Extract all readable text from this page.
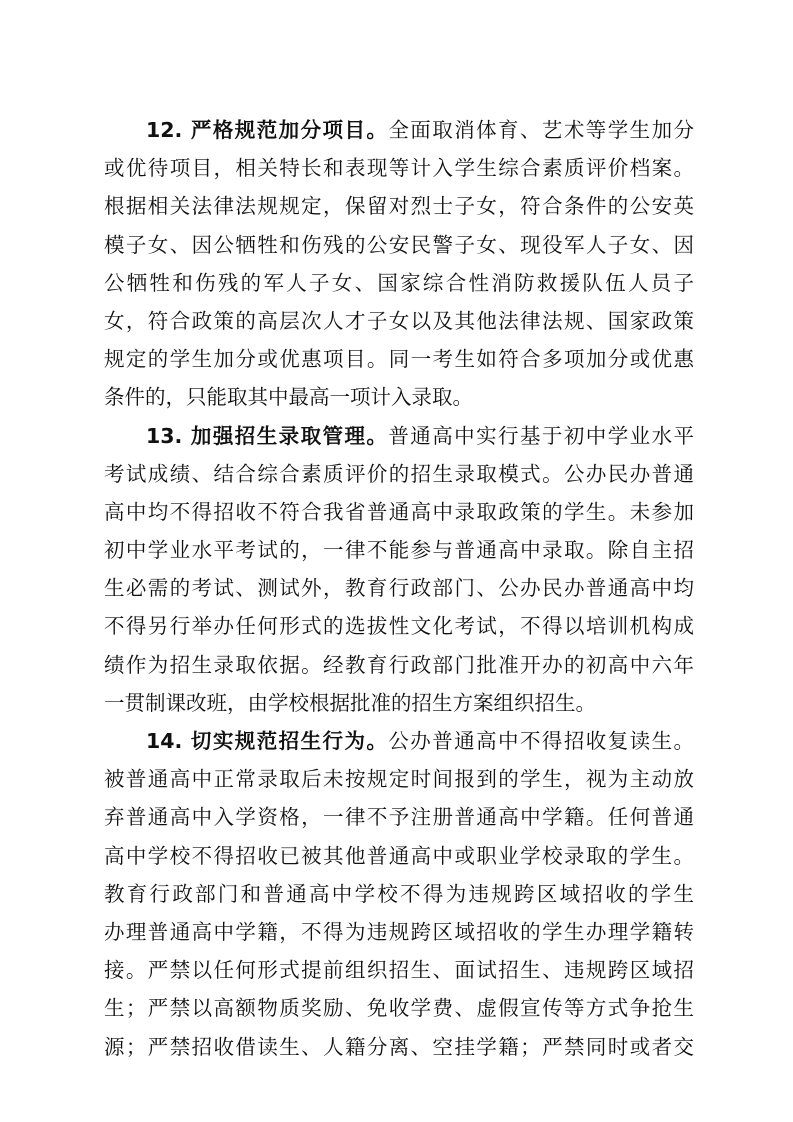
12. 严格规范加分项目。全面取消体育、艺术等学生加分
或优待项目，相关特长和表现等计入学生综合素质评价档案。
根据相关法律法规规定，保留对烈士子女，符合条件的公安英
模子女、因公牺牲和伤残的公安民警子女、现役军人子女、因
公牺牲和伤残的军人子女、国家综合性消防救援队伍人员子
女，符合政策的高层次人才子女以及其他法律法规、国家政策
规定的学生加分或优惠项目。同一考生如符合多项加分或优惠
条件的，只能取其中最高一项计入录取。
13. 加强招生录取管理。普通高中实行基于初中学业水平
考试成绩、结合综合素质评价的招生录取模式。公办民办普通
高中均不得招收不符合我省普通高中录取政策的学生。未参加
初中学业水平考试的，一律不能参与普通高中录取。除自主招
生必需的考试、测试外，教育行政部门、公办民办普通高中均
不得另行举办任何形式的选拔性文化考试，不得以培训机构成
绩作为招生录取依据。经教育行政部门批准开办的初高中六年
一贯制课改班，由学校根据批准的招生方案组织招生。
14. 切实规范招生行为。公办普通高中不得招收复读生。
被普通高中正常录取后未按规定时间报到的学生，视为主动放
弃普通高中入学资格，一律不予注册普通高中学籍。任何普通
高中学校不得招收已被其他普通高中或职业学校录取的学生。
教育行政部门和普通高中学校不得为违规跨区域招收的学生
办理普通高中学籍，不得为违规跨区域招收的学生办理学籍转
接。严禁以任何形式提前组织招生、面试招生、违规跨区域招
生；严禁以高额物质奖励、免收学费、虚假宣传等方式争抢生
源；严禁招收借读生、人籍分离、空挂学籍；严禁同时或者交
